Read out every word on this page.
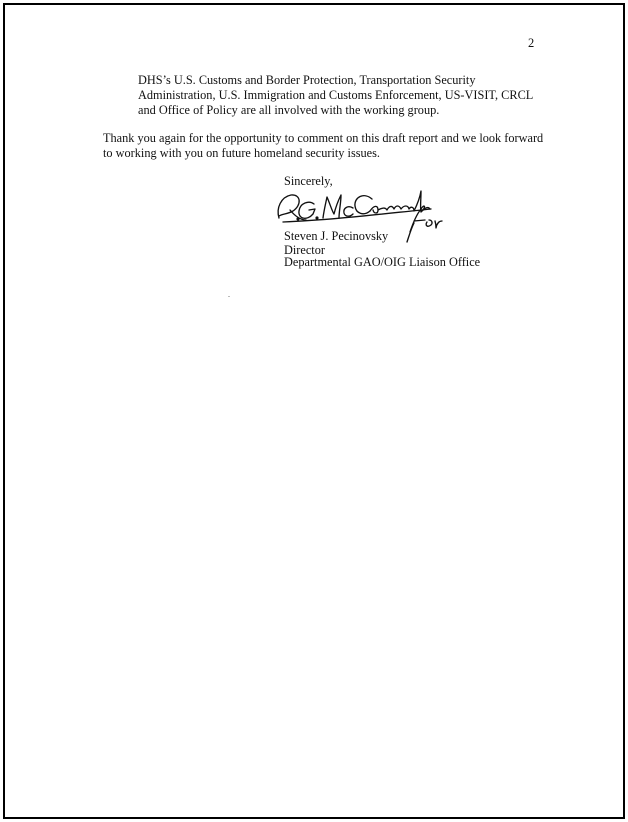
2
DHS’s U.S. Customs and Border Protection, Transportation Security
Administration, U.S. Immigration and Customs Enforcement, US-VISIT, CRCL
and Office of Policy are all involved with the working group.
Thank you again for the opportunity to comment on this draft report and we look forward
to working with you on future homeland security issues.
Sincerely,
Steven J. Pecinovsky
Director
Departmental GAO/OIG Liaison Office
